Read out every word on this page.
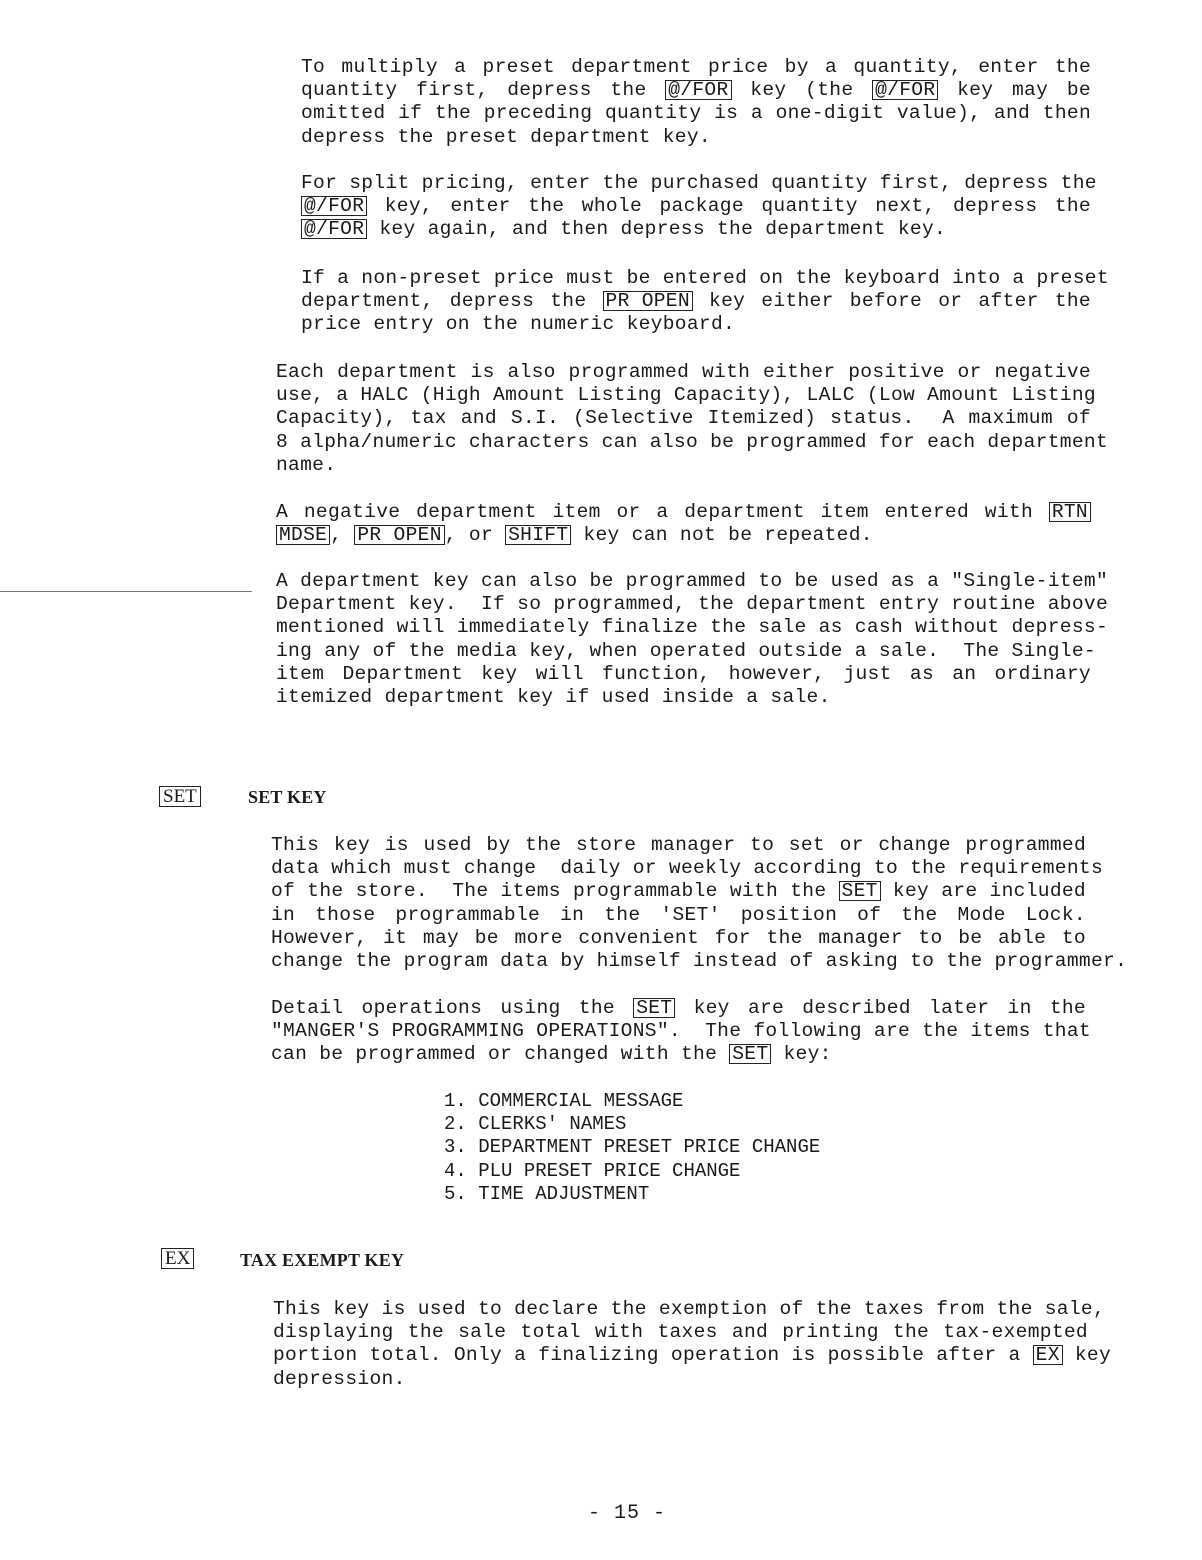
To multiply a preset department price by a quantity, enter the
quantity first, depress the @/FOR key (the @/FOR key may be
omitted if the preceding quantity is a one-digit value), and then
depress the preset department key.
For split pricing, enter the purchased quantity first, depress the
@/FOR key, enter the whole package quantity next, depress the
@/FOR key again, and then depress the department key.
If a non-preset price must be entered on the keyboard into a preset
department, depress the PR OPEN key either before or after the
price entry on the numeric keyboard.
Each department is also programmed with either positive or negative
use, a HALC (High Amount Listing Capacity), LALC (Low Amount Listing
Capacity), tax and S.I. (Selective Itemized) status.  A maximum of
8 alpha/numeric characters can also be programmed for each department
name.
A negative department item or a department item entered with RTN
MDSE , PR OPEN , or SHIFT key can not be repeated.
A department key can also be programmed to be used as a "Single-item"
Department key.  If so programmed, the department entry routine above
mentioned will immediately finalize the sale as cash without depress-
ing any of the media key, when operated outside a sale.  The Single-
item Department key will function, however, just as an ordinary
itemized department key if used inside a sale.
SET	SET KEY
This key is used by the store manager to set or change programmed
data which must change  daily or weekly according to the requirements
of the store.  The items programmable with the SET key are included
in those programmable in the 'SET' position of the Mode Lock.
However, it may be more convenient for the manager to be able to
change the program data by himself instead of asking to the programmer.
Detail operations using the SET key are described later in the
"MANGER'S PROGRAMMING OPERATIONS".  The following are the items that
can be programmed or changed with the SET key:
1. COMMERCIAL MESSAGE
2. CLERKS' NAMES
3. DEPARTMENT PRESET PRICE CHANGE
4. PLU PRESET PRICE CHANGE
5. TIME ADJUSTMENT
EX	TAX EXEMPT KEY
This key is used to declare the exemption of the taxes from the sale,
displaying the sale total with taxes and printing the tax-exempted
portion total. Only a finalizing operation is possible after a EX key
depression.
- 15 -
